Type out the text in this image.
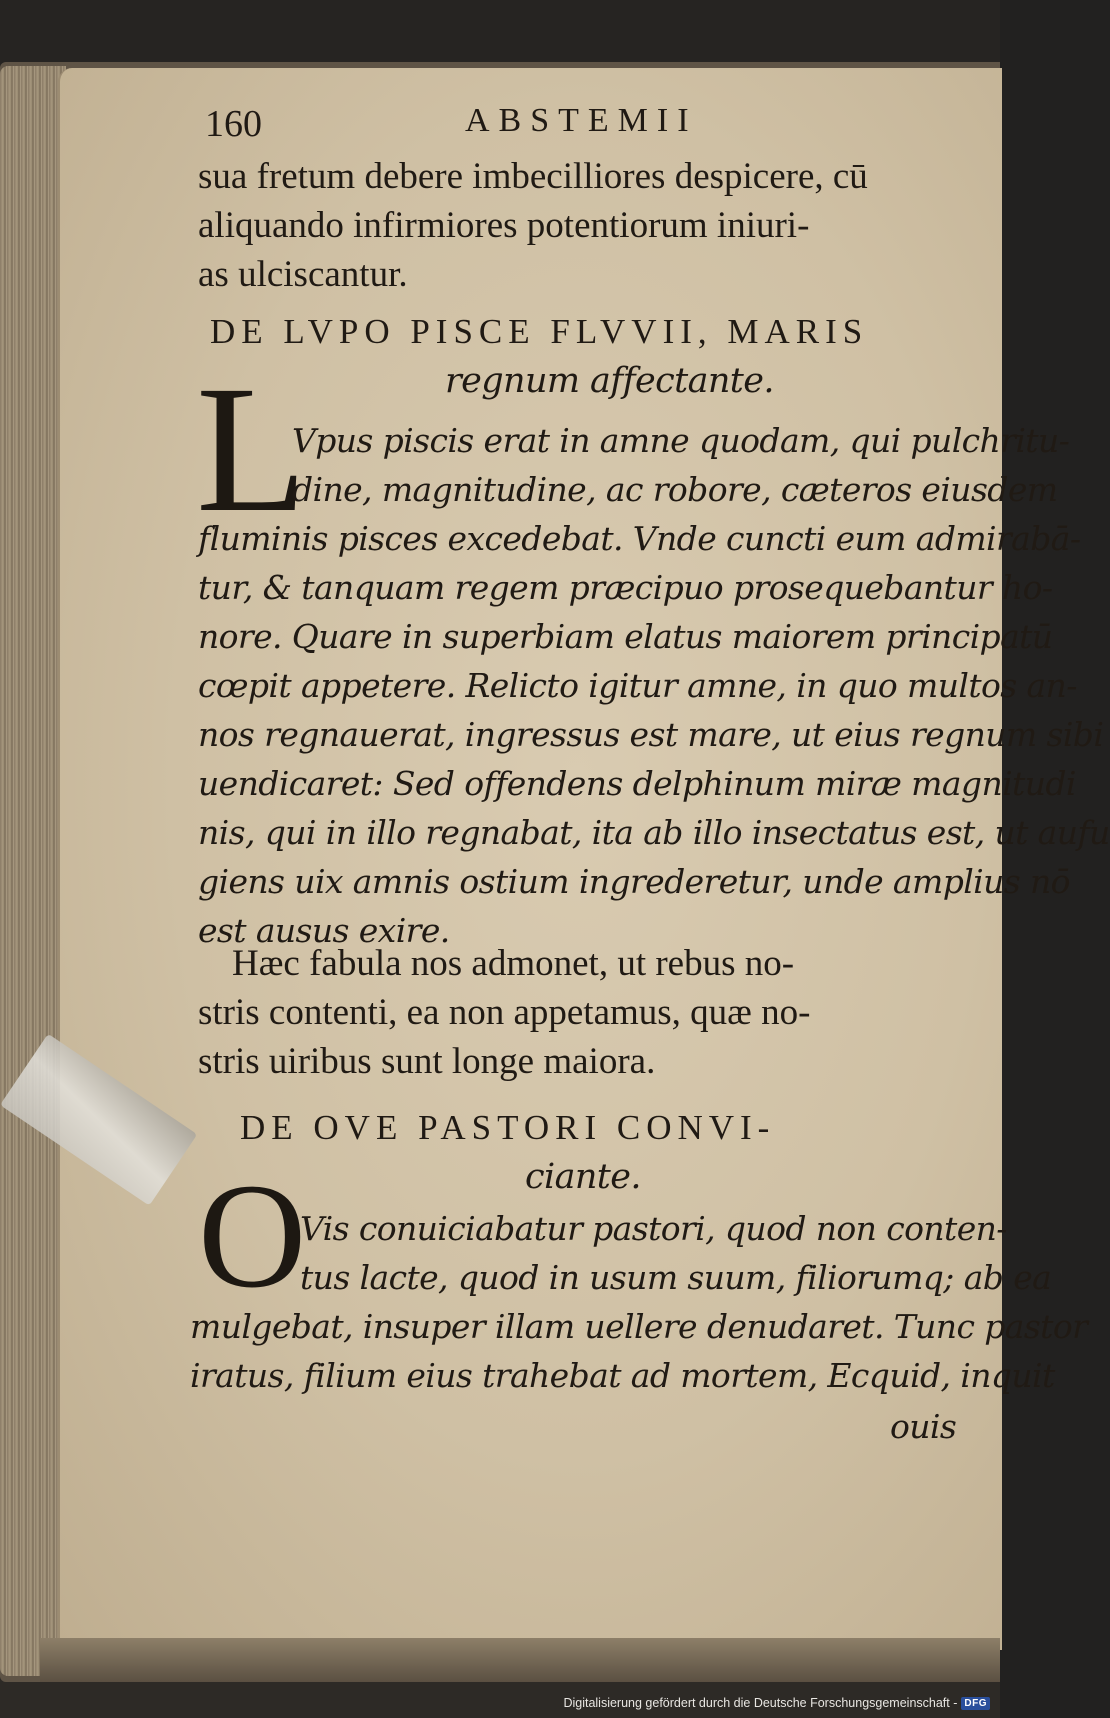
160	ABSTEMII
sua fretum debere imbecilliores despicere, cū
aliquando infirmiores potentiorum iniuri-
as ulciscantur.
DE LVPO PISCE FLVVII, MARIS
regnum affectante.
L
Vpus piscis erat in amne quodam, qui pulchritu-
dine, magnitudine, ac robore, cæteros eiusdem
fluminis pisces excedebat. Vnde cuncti eum admirabā-
tur, & tanquam regem præcipuo prosequebantur ho-
nore. Quare in superbiam elatus maiorem principatū
cœpit appetere. Relicto igitur amne, in quo multos an-
nos regnauerat, ingressus est mare, ut eius regnum sibi
uendicaret: Sed offendens delphinum miræ magnitudi
nis, qui in illo regnabat, ita ab illo insectatus est, ut aufu
giens uix amnis ostium ingrederetur, unde amplius nō
est ausus exire.
Hæc fabula nos admonet, ut rebus no-
stris contenti, ea non appetamus, quæ no-
stris uiribus sunt longe maiora.
DE OVE PASTORI CONVI-
ciante.
O
Vis conuiciabatur pastori, quod non conten-
tus lacte, quod in usum suum, filiorumq; ab ea
mulgebat, insuper illam uellere denudaret. Tunc pastor
iratus, filium eius trahebat ad mortem, Ecquid, inquit
ouis
Digitalisierung gefördert durch die Deutsche Forschungsgemeinschaft - DFG
